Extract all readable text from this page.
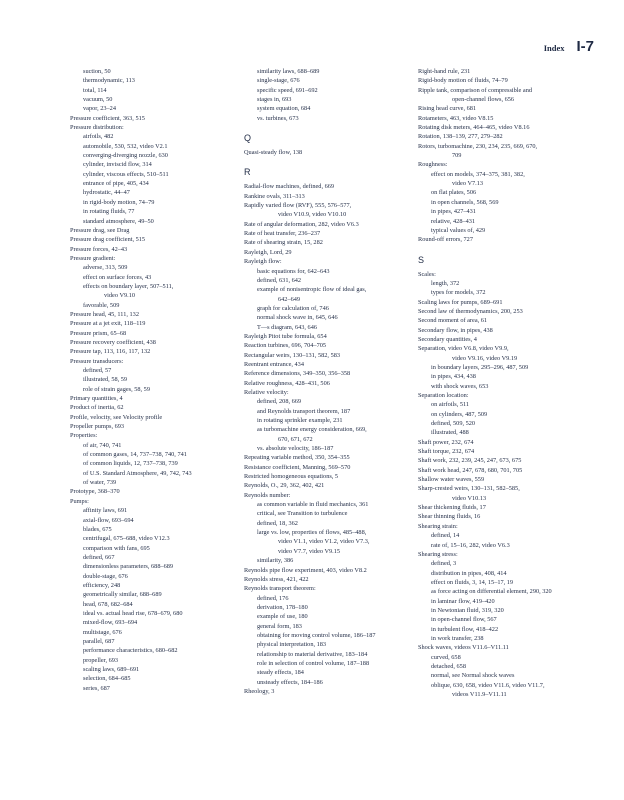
Index I-7
suction, 50
thermodynamic, 113
total, 114
vacuum, 50
vapor, 23–24
Pressure coefficient, 363, 515
Pressure distribution:
airfoils, 482
automobile, 530, 532, video V2.1
converging-diverging nozzle, 630
cylinder, inviscid flow, 314
cylinder, viscous effects, 510–511
entrance of pipe, 405, 434
hydrostatic, 44–47
in rigid-body motion, 74–79
in rotating fluids, 77
standard atmosphere, 49–50
Pressure drag, see Drag
Pressure drag coefficient, 515
Pressure forces, 42–43
Pressure gradient:
adverse, 313, 509
effect on surface forces, 43
effects on boundary layer, 507–511,
video V9.10
favorable, 509
Pressure head, 45, 111, 132
Pressure at a jet exit, 118–119
Pressure prism, 65–68
Pressure recovery coefficient, 438
Pressure tap, 113, 116, 117, 132
Pressure transducers:
defined, 57
illustrated, 58, 59
role of strain gages, 58, 59
Primary quantities, 4
Product of inertia, 62
Profile, velocity, see Velocity profile
Propeller pumps, 693
Properties:
of air, 740, 741
of common gases, 14, 737–738, 740, 741
of common liquids, 12, 737–738, 739
of U.S. Standard Atmosphere, 49, 742, 743
of water, 739
Prototype, 368–370
Pumps:
affinity laws, 691
axial-flow, 693–694
blades, 675
centrifugal, 675–688, video V12.3
comparison with fans, 695
defined, 667
dimensionless parameters, 688–689
double-stage, 676
efficiency, 248
geometrically similar, 688–689
head, 678, 682–684
ideal vs. actual head rise, 678–679, 680
mixed-flow, 693–694
multistage, 676
parallel, 687
performance characteristics, 680–682
propeller, 693
scaling laws, 689–691
selection, 684–685
series, 687
similarity laws, 688–689
single-stage, 676
specific speed, 691–692
stages in, 693
system equation, 684
vs. turbines, 673
Q
Quasi-steady flow, 138
R
Radial-flow machines, defined, 669
Rankine ovals, 311–313
Rapidly varied flow (RVF), 555, 576–577,
video V10.9, video V10.10
Rate of angular deformation, 282, video V6.3
Rate of heat transfer, 236–237
Rate of shearing strain, 15, 282
Rayleigh, Lord, 29
Rayleigh flow:
basic equations for, 642–643
defined, 631, 642
example of nonisentropic flow of ideal gas,
642–649
graph for calculation of, 746
normal shock wave in, 645, 646
T—s diagram, 643, 646
Rayleigh Pitot tube formula, 654
Reaction turbines, 696, 704–705
Rectangular weirs, 130–131, 582, 583
Reentrant entrance, 434
Reference dimensions, 349–350, 356–358
Relative roughness, 428–431, 506
Relative velocity:
defined, 208, 669
and Reynolds transport theorem, 187
in rotating sprinkler example, 231
as turbomachine energy consideration, 669,
670, 671, 672
vs. absolute velocity, 186–187
Repeating variable method, 350, 354–355
Resistance coefficient, Manning, 569–570
Restricted homogeneous equations, 5
Reynolds, O., 29, 362, 402, 421
Reynolds number:
as common variable in fluid mechanics, 361
critical, see Transition to turbulence
defined, 18, 362
large vs. low, properties of flows, 485–488,
video V1.1, video V1.2, video V7.3,
video V7.7, video V9.15
similarity, 386
Reynolds pipe flow experiment, 403, video V8.2
Reynolds stress, 421, 422
Reynolds transport theorem:
defined, 176
derivation, 178–180
example of use, 180
general form, 183
obtaining for moving control volume, 186–187
physical interpretation, 183
relationship to material derivative, 183–184
role in selection of control volume, 187–188
steady effects, 184
unsteady effects, 184–186
Rheology, 3
Right-hand rule, 231
Rigid-body motion of fluids, 74–79
Ripple tank, comparison of compressible and
open-channel flows, 656
Rising head curve, 681
Rotameters, 463, video V8.15
Rotating disk meters, 464–465, video V8.16
Rotation, 138–139, 277, 279–282
Rotors, turbomachine, 230, 234, 235, 669, 670,
709
Roughness:
effect on models, 374–375, 381, 382,
video V7.13
on flat plates, 506
in open channels, 568, 569
in pipes, 427–431
relative, 428–431
typical values of, 429
Round-off errors, 727
S
Scales:
length, 372
types for models, 372
Scaling laws for pumps, 689–691
Second law of thermodynamics, 200, 253
Second moment of area, 61
Secondary flow, in pipes, 438
Secondary quantities, 4
Separation, video V6.8, video V9.9,
video V9.16, video V9.19
in boundary layers, 295–296, 487, 509
in pipes, 434, 438
with shock waves, 653
Separation location:
on airfoils, 511
on cylinders, 487, 509
defined, 509, 520
illustrated, 488
Shaft power, 232, 674
Shaft torque, 232, 674
Shaft work, 232, 239, 245, 247, 673, 675
Shaft work head, 247, 678, 680, 701, 705
Shallow water waves, 559
Sharp-crested weirs, 130–131, 582–585,
video V10.13
Shear thickening fluids, 17
Shear thinning fluids, 16
Shearing strain:
defined, 14
rate of, 15–16, 282, video V6.3
Shearing stress:
defined, 3
distribution in pipes, 408, 414
effect on fluids, 3, 14, 15–17, 19
as force acting on differential element, 290, 320
in laminar flow, 419–420
in Newtonian fluid, 319, 320
in open-channel flow, 567
in turbulent flow, 418–422
in work transfer, 238
Shock waves, videos V11.6–V11.11
curved, 658
detached, 658
normal, see Normal shock waves
oblique, 630, 658, video V11.6, video V11.7,
videos V11.9–V11.11
